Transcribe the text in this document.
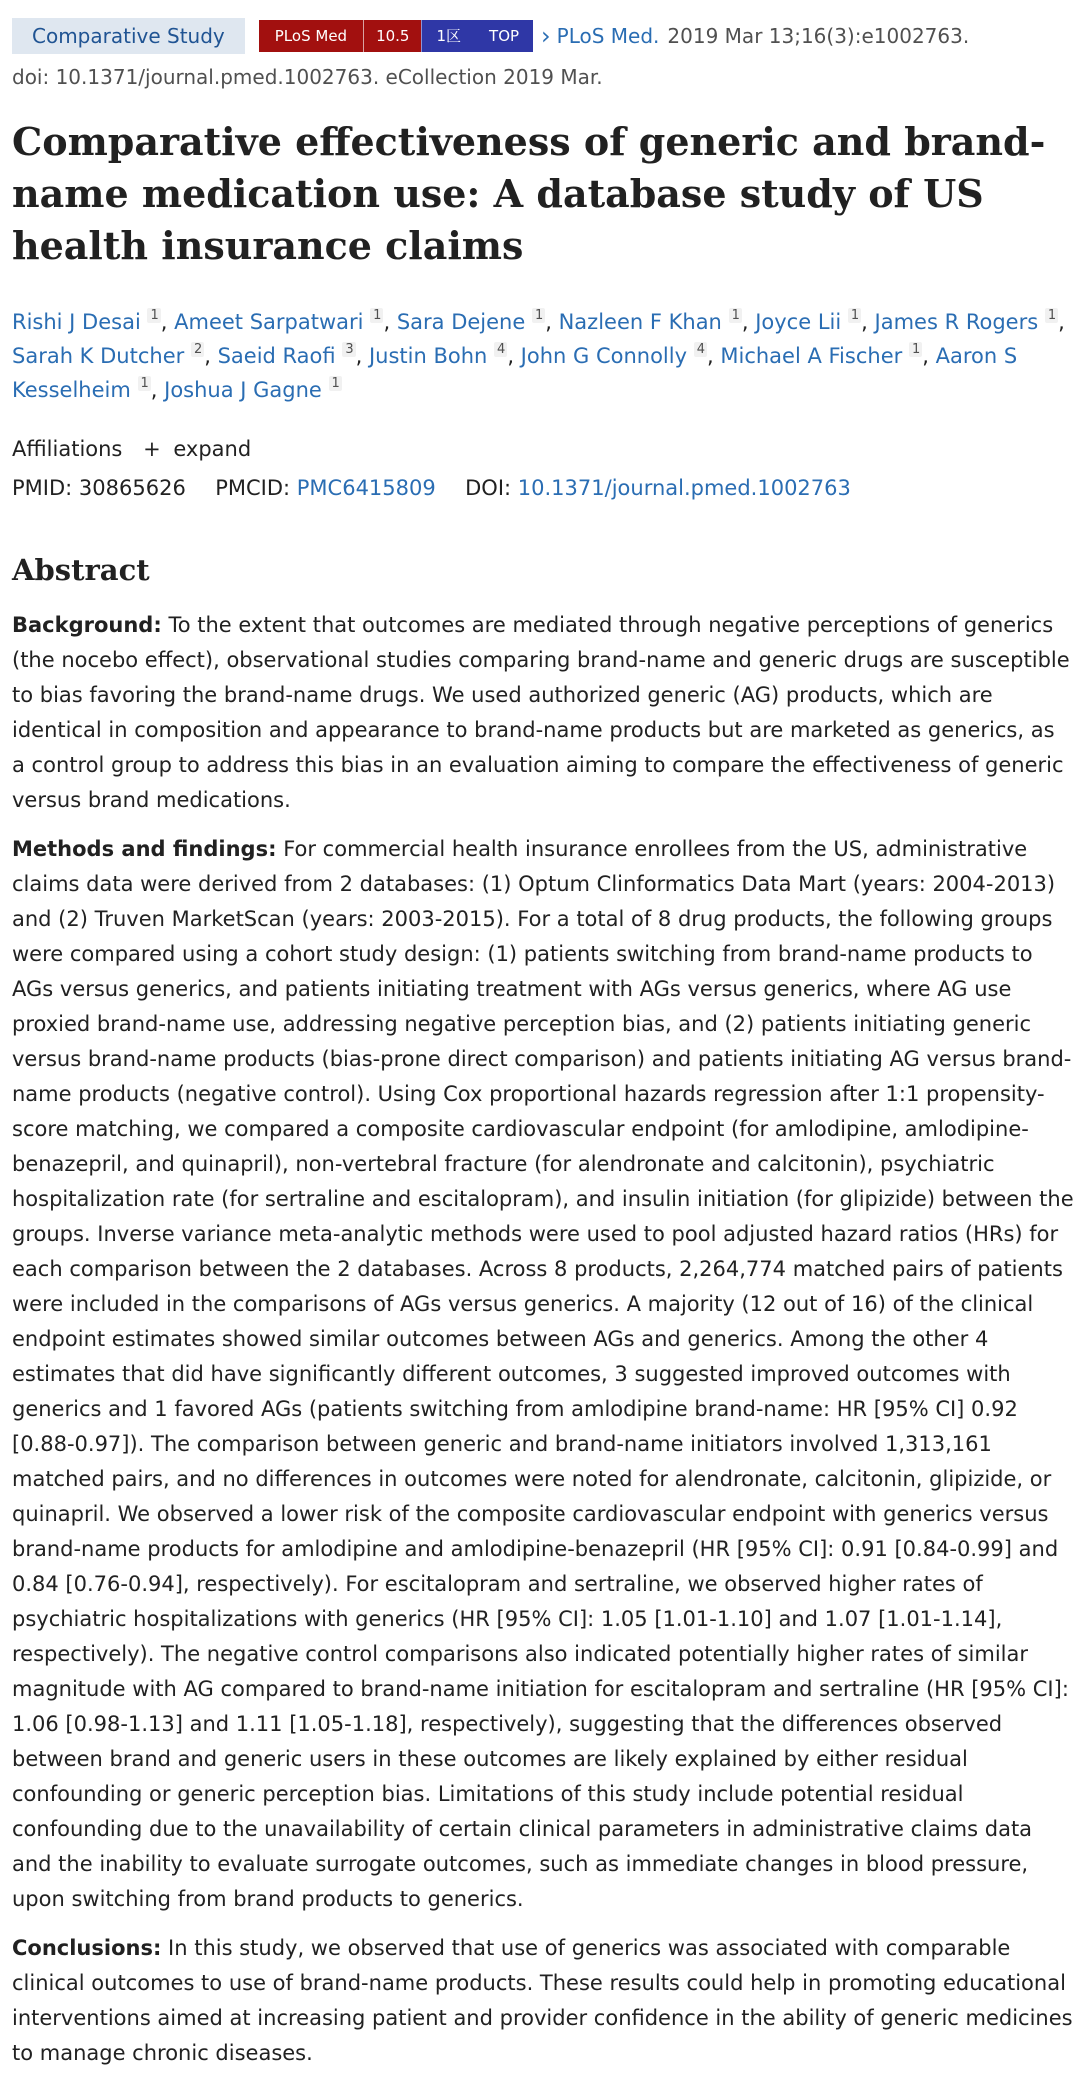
Comparative Study	PLoS Med	10.5	1区	TOP › PLoS Med. 2019 Mar 13;16(3):e1002763.
doi: 10.1371/journal.pmed.1002763. eCollection 2019 Mar.
Comparative effectiveness of generic and brand-name medication use: A database study of US health insurance claims
Rishi J Desai $^1$, Ameet Sarpatwari $^1$, Sara Dejene $^1$, Nazleen F Khan $^1$, Joyce Lii $^1$, James R Rogers $^1$, Sarah K Dutcher $^2$, Saeid Raofi $^3$, Justin Bohn $^4$, John G Connolly $^4$, Michael A Fischer $^1$, Aaron S Kesselheim $^1$, Joshua J Gagne $^1$
Affiliations + expand
PMID: 30865626 PMCID: PMC6415809 DOI: 10.1371/journal.pmed.1002763
Abstract

Background: To the extent that outcomes are mediated through negative perceptions of generics (the nocebo effect), observational studies comparing brand-name and generic drugs are susceptible to bias favoring the brand-name drugs. We used authorized generic (AG) products, which are identical in composition and appearance to brand-name products but are marketed as generics, as a control group to address this bias in an evaluation aiming to compare the effectiveness of generic versus brand medications.

Methods and findings: For commercial health insurance enrollees from the US, administrative claims data were derived from 2 databases: (1) Optum Clinformatics Data Mart (years: 2004-2013) and (2) Truven MarketScan (years: 2003-2015). For a total of 8 drug products, the following groups were compared using a cohort study design: (1) patients switching from brand-name products to AGs versus generics, and patients initiating treatment with AGs versus generics, where AG use proxied brand-name use, addressing negative perception bias, and (2) patients initiating generic versus brand-name products (bias-prone direct comparison) and patients initiating AG versus brand-name products (negative control). Using Cox proportional hazards regression after 1:1 propensity-score matching, we compared a composite cardiovascular endpoint (for amlodipine, amlodipine-benazepril, and quinapril), non-vertebral fracture (for alendronate and calcitonin), psychiatric hospitalization rate (for sertraline and escitalopram), and insulin initiation (for glipizide) between the groups. Inverse variance meta-analytic methods were used to pool adjusted hazard ratios (HRs) for each comparison between the 2 databases. Across 8 products, 2,264,774 matched pairs of patients were included in the comparisons of AGs versus generics. A majority (12 out of 16) of the clinical endpoint estimates showed similar outcomes between AGs and generics. Among the other 4 estimates that did have significantly different outcomes, 3 suggested improved outcomes with generics and 1 favored AGs (patients switching from amlodipine brand-name: HR [95% CI] 0.92 [0.88-0.97]). The comparison between generic and brand-name initiators involved 1,313,161 matched pairs, and no differences in outcomes were noted for alendronate, calcitonin, glipizide, or quinapril. We observed a lower risk of the composite cardiovascular endpoint with generics versus brand-name products for amlodipine and amlodipine-benazepril (HR [95% CI]: 0.91 [0.84-0.99] and 0.84 [0.76-0.94], respectively). For escitalopram and sertraline, we observed higher rates of psychiatric hospitalizations with generics (HR [95% CI]: 1.05 [1.01-1.10] and 1.07 [1.01-1.14], respectively). The negative control comparisons also indicated potentially higher rates of similar magnitude with AG compared to brand-name initiation for escitalopram and sertraline (HR [95% CI]: 1.06 [0.98-1.13] and 1.11 [1.05-1.18], respectively), suggesting that the differences observed between brand and generic users in these outcomes are likely explained by either residual confounding or generic perception bias. Limitations of this study include potential residual confounding due to the unavailability of certain clinical parameters in administrative claims data and the inability to evaluate surrogate outcomes, such as immediate changes in blood pressure, upon switching from brand products to generics.

Conclusions: In this study, we observed that use of generics was associated with comparable clinical outcomes to use of brand-name products. These results could help in promoting educational interventions aimed at increasing patient and provider confidence in the ability of generic medicines to manage chronic diseases.
